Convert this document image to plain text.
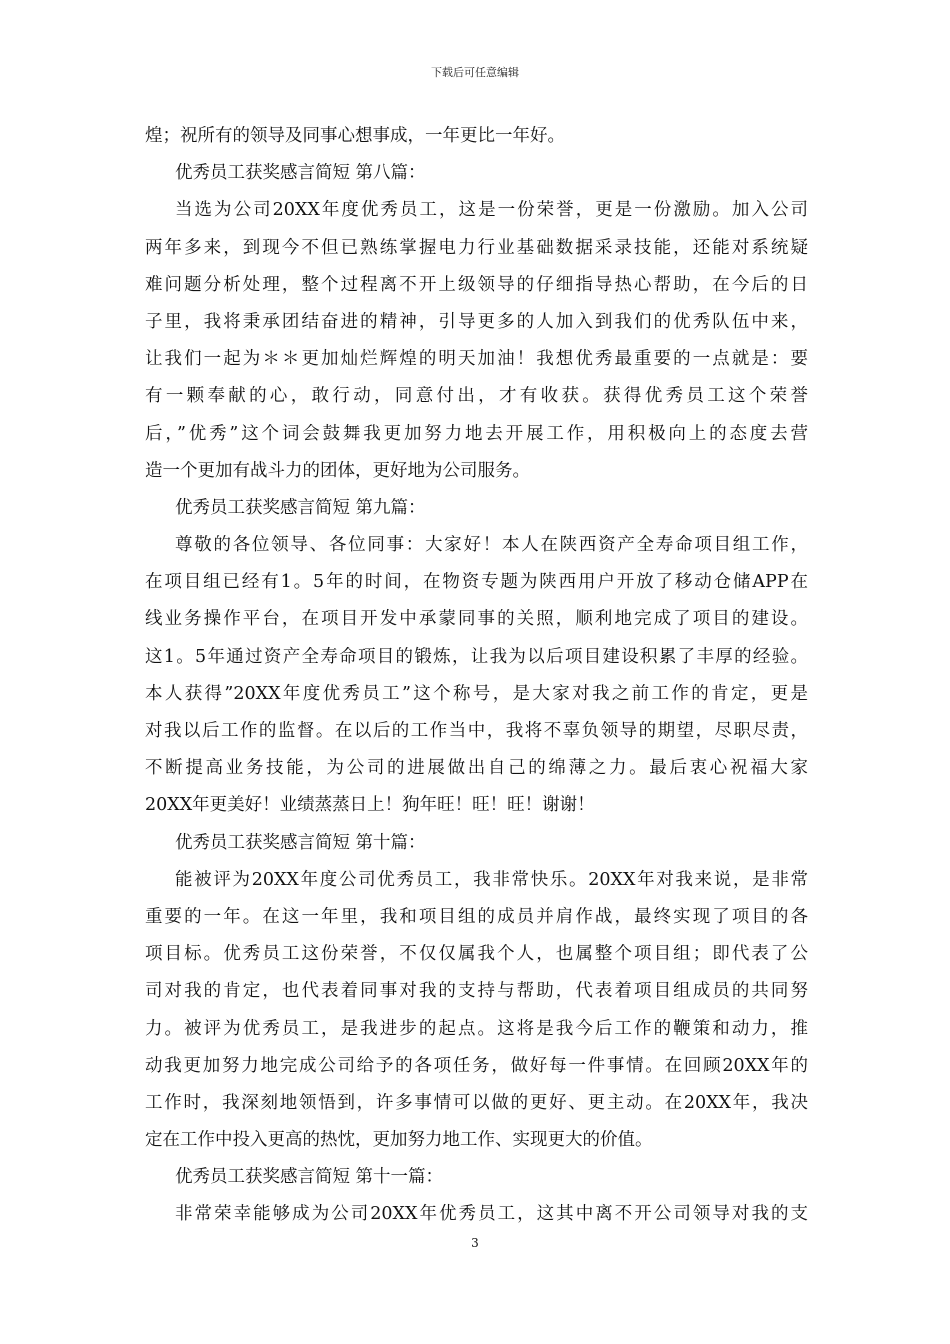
下载后可任意编辑
煌；祝所有的领导及同事心想事成，一年更比一年好。
优秀员工获奖感言简短 第八篇：
当选为公司20XX年度优秀员工，这是一份荣誉，更是一份激励。加入公司
两年多来，到现今不但已熟练掌握电力行业基础数据采录技能，还能对系统疑
难问题分析处理，整个过程离不开上级领导的仔细指导热心帮助，在今后的日
子里，我将秉承团结奋进的精神，引导更多的人加入到我们的优秀队伍中来，
让我们一起为＊＊更加灿烂辉煌的明天加油！我想优秀最重要的一点就是：要
有一颗奉献的心，敢行动，同意付出，才有收获。获得优秀员工这个荣誉
后，”优秀”这个词会鼓舞我更加努力地去开展工作，用积极向上的态度去营
造一个更加有战斗力的团体，更好地为公司服务。
优秀员工获奖感言简短 第九篇：
尊敬的各位领导、各位同事：大家好！本人在陕西资产全寿命项目组工作，
在项目组已经有1。5年的时间，在物资专题为陕西用户开放了移动仓储APP在
线业务操作平台，在项目开发中承蒙同事的关照，顺利地完成了项目的建设。
这1。5年通过资产全寿命项目的锻炼，让我为以后项目建设积累了丰厚的经验。
本人获得”20XX年度优秀员工”这个称号，是大家对我之前工作的肯定，更是
对我以后工作的监督。在以后的工作当中，我将不辜负领导的期望，尽职尽责，
不断提高业务技能，为公司的进展做出自己的绵薄之力。最后衷心祝福大家
20XX年更美好！业绩蒸蒸日上！狗年旺！旺！旺！谢谢！
优秀员工获奖感言简短 第十篇：
能被评为20XX年度公司优秀员工，我非常快乐。20XX年对我来说，是非常
重要的一年。在这一年里，我和项目组的成员并肩作战，最终实现了项目的各
项目标。优秀员工这份荣誉，不仅仅属我个人，也属整个项目组；即代表了公
司对我的肯定，也代表着同事对我的支持与帮助，代表着项目组成员的共同努
力。被评为优秀员工，是我进步的起点。这将是我今后工作的鞭策和动力，推
动我更加努力地完成公司给予的各项任务，做好每一件事情。在回顾20XX年的
工作时，我深刻地领悟到，许多事情可以做的更好、更主动。在20XX年，我决
定在工作中投入更高的热忱，更加努力地工作、实现更大的价值。
优秀员工获奖感言简短 第十一篇：
非常荣幸能够成为公司20XX年优秀员工，这其中离不开公司领导对我的支
3
